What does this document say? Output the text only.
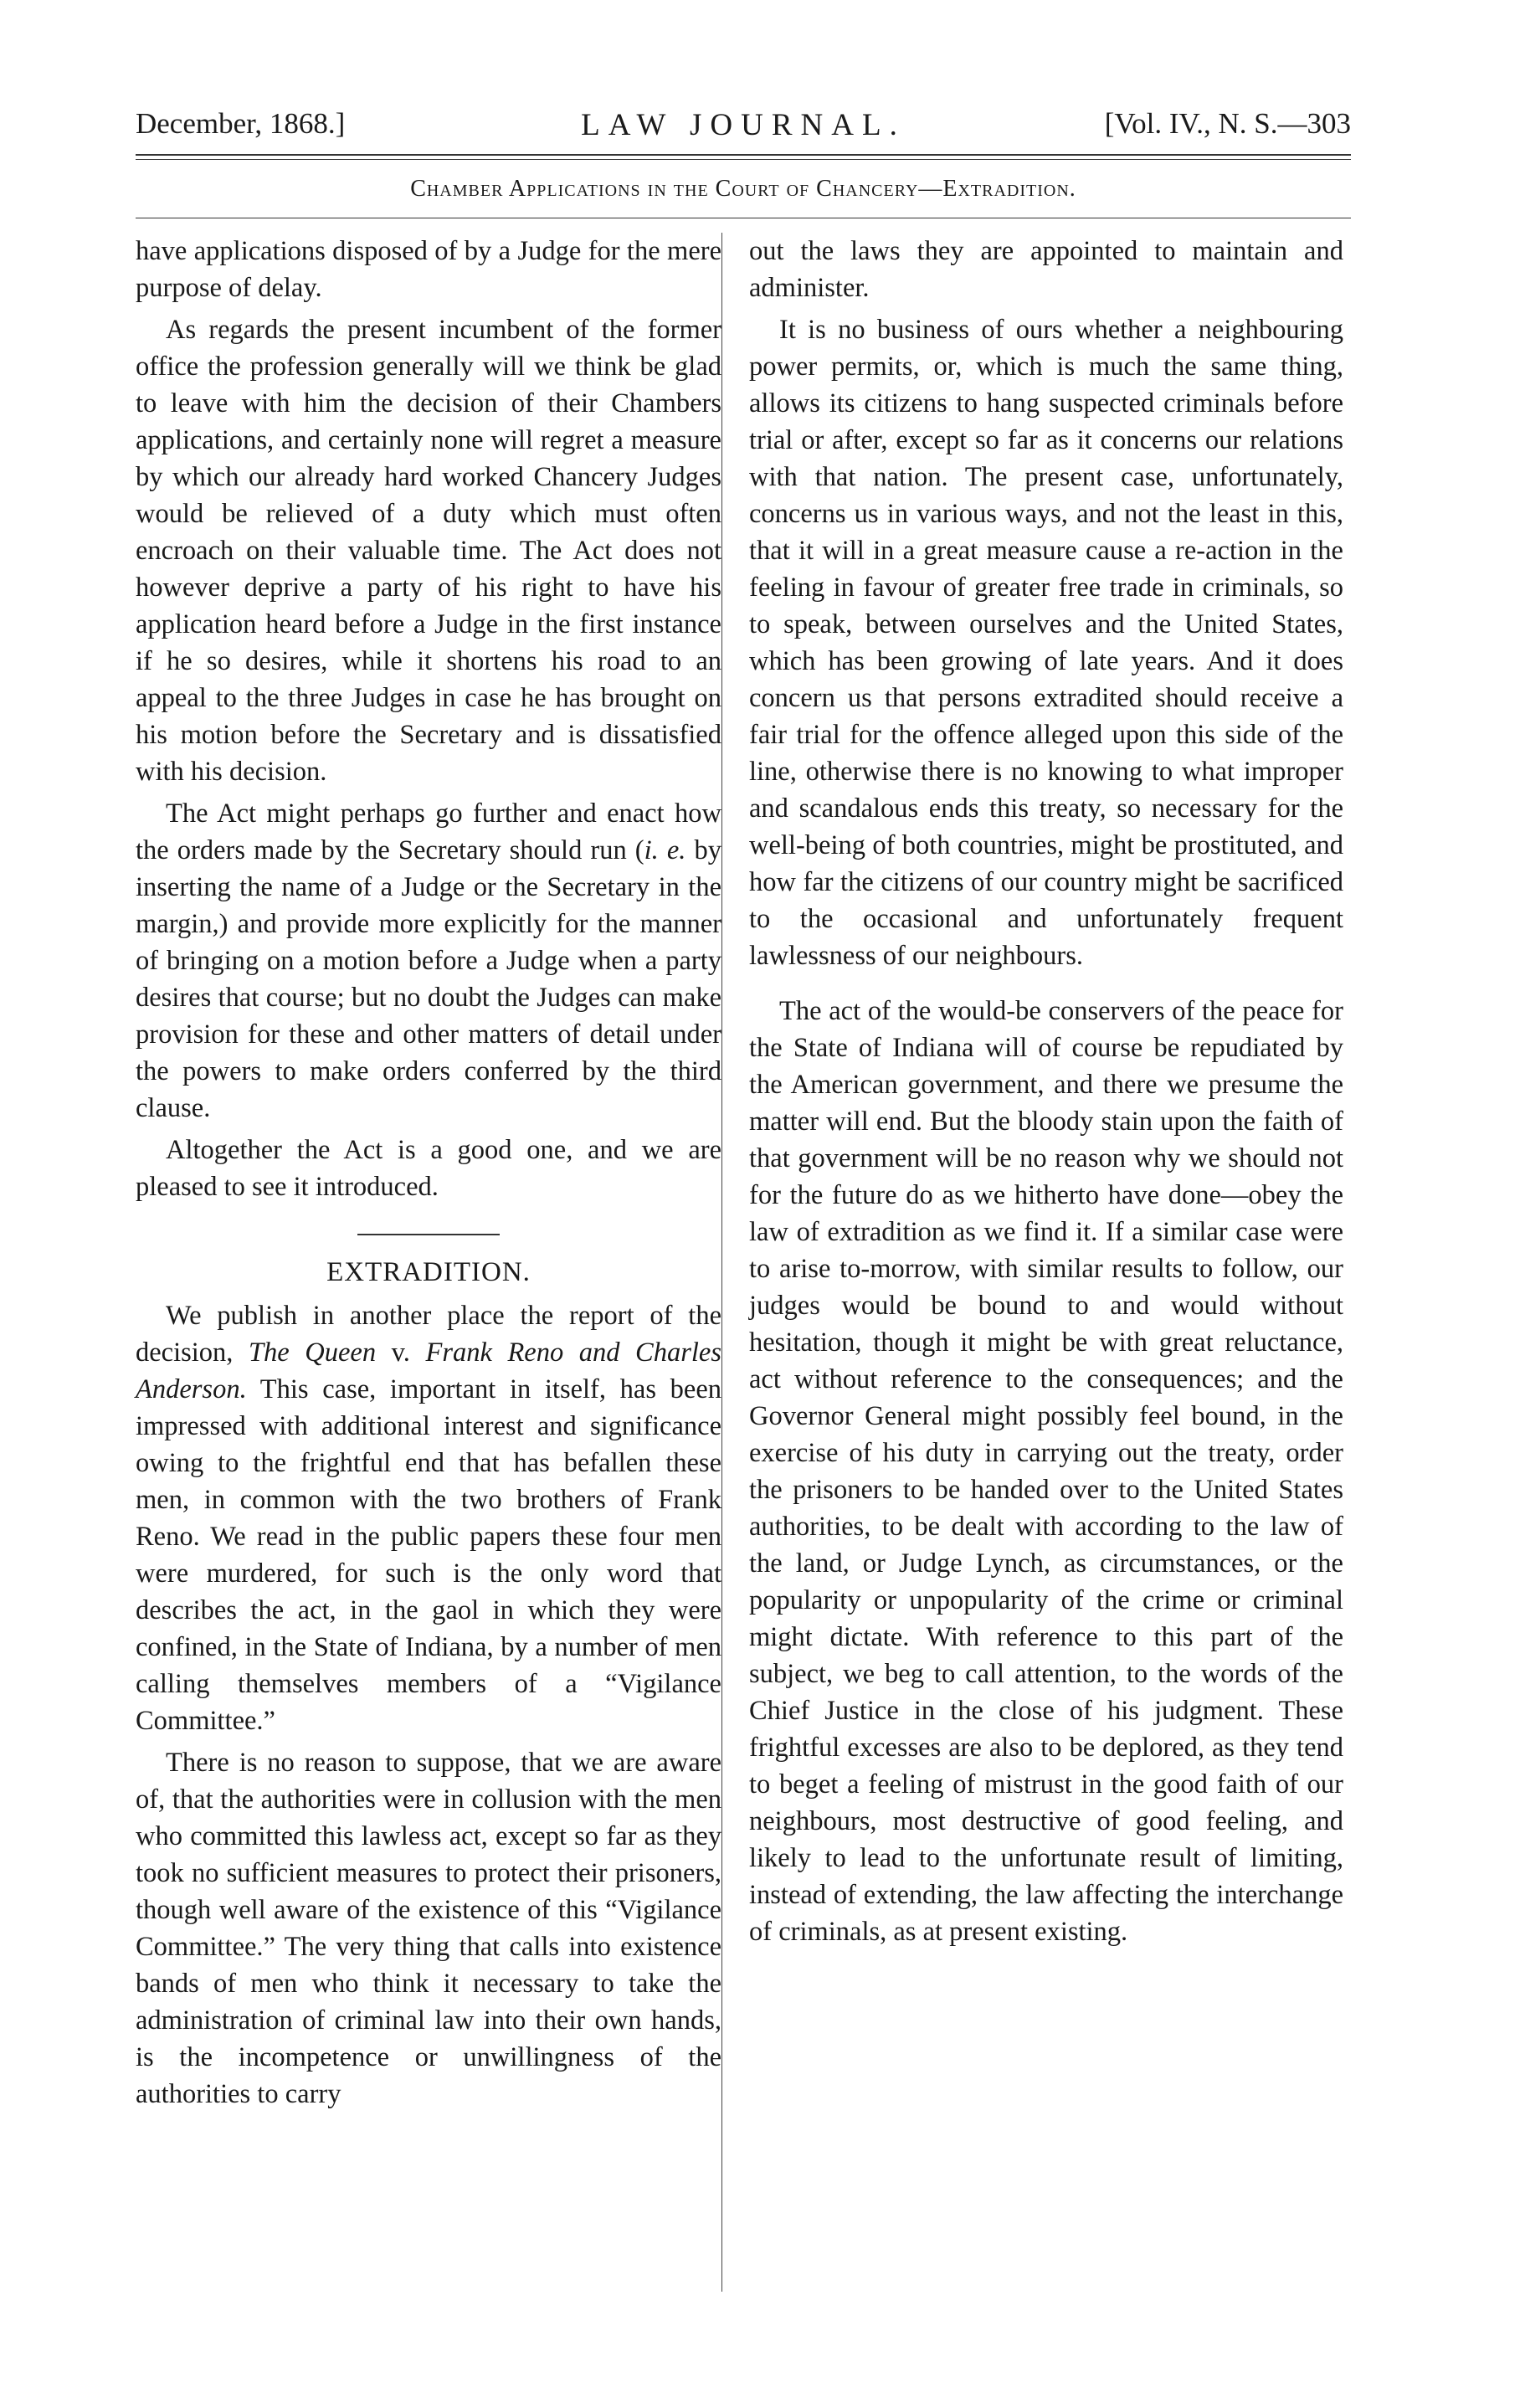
December, 1868.]	LAW JOURNAL.	[Vol. IV., N. S.—303
Chamber Applications in the Court of Chancery—Extradition.

have applications disposed of by a Judge for the mere purpose of delay.

As regards the present incumbent of the former office the profession generally will we think be glad to leave with him the decision of their Chambers applications, and certainly none will regret a measure by which our already hard worked Chancery Judges would be relieved of a duty which must often encroach on their valuable time. The Act does not however deprive a party of his right to have his application heard before a Judge in the first instance if he so desires, while it shortens his road to an appeal to the three Judges in case he has brought on his motion before the Secretary and is dissatisfied with his decision.

The Act might perhaps go further and enact how the orders made by the Secretary should run (i. e. by inserting the name of a Judge or the Secretary in the margin,) and provide more explicitly for the manner of bringing on a motion before a Judge when a party desires that course; but no doubt the Judges can make provision for these and other matters of detail under the powers to make orders conferred by the third clause.

Altogether the Act is a good one, and we are pleased to see it introduced.

EXTRADITION.

We publish in another place the report of the decision, The Queen v. Frank Reno and Charles Anderson. This case, important in itself, has been impressed with additional interest and significance owing to the frightful end that has befallen these men, in common with the two brothers of Frank Reno. We read in the public papers these four men were murdered, for such is the only word that describes the act, in the gaol in which they were confined, in the State of Indiana, by a number of men calling themselves members of a “Vigilance Committee.”

There is no reason to suppose, that we are aware of, that the authorities were in collusion with the men who committed this lawless act, except so far as they took no sufficient measures to protect their prisoners, though well aware of the existence of this “Vigilance Committee.” The very thing that calls into existence bands of men who think it necessary to take the administration of criminal law into their own hands, is the incompetence or unwillingness of the authorities to carry

out the laws they are appointed to maintain and administer.

It is no business of ours whether a neighbouring power permits, or, which is much the same thing, allows its citizens to hang suspected criminals before trial or after, except so far as it concerns our relations with that nation. The present case, unfortunately, concerns us in various ways, and not the least in this, that it will in a great measure cause a re-action in the feeling in favour of greater free trade in criminals, so to speak, between ourselves and the United States, which has been growing of late years. And it does concern us that persons extradited should receive a fair trial for the offence alleged upon this side of the line, otherwise there is no knowing to what improper and scandalous ends this treaty, so necessary for the well-being of both countries, might be prostituted, and how far the citizens of our country might be sacrificed to the occasional and unfortunately frequent lawlessness of our neighbours.

The act of the would-be conservers of the peace for the State of Indiana will of course be repudiated by the American government, and there we presume the matter will end. But the bloody stain upon the faith of that government will be no reason why we should not for the future do as we hitherto have done—obey the law of extradition as we find it. If a similar case were to arise to-morrow, with similar results to follow, our judges would be bound to and would without hesitation, though it might be with great reluctance, act without reference to the consequences; and the Governor General might possibly feel bound, in the exercise of his duty in carrying out the treaty, order the prisoners to be handed over to the United States authorities, to be dealt with according to the law of the land, or Judge Lynch, as circumstances, or the popularity or unpopularity of the crime or criminal might dictate. With reference to this part of the subject, we beg to call attention, to the words of the Chief Justice in the close of his judgment. These frightful excesses are also to be deplored, as they tend to beget a feeling of mistrust in the good faith of our neighbours, most destructive of good feeling, and likely to lead to the unfortunate result of limiting, instead of extending, the law affecting the interchange of criminals, as at present existing.
